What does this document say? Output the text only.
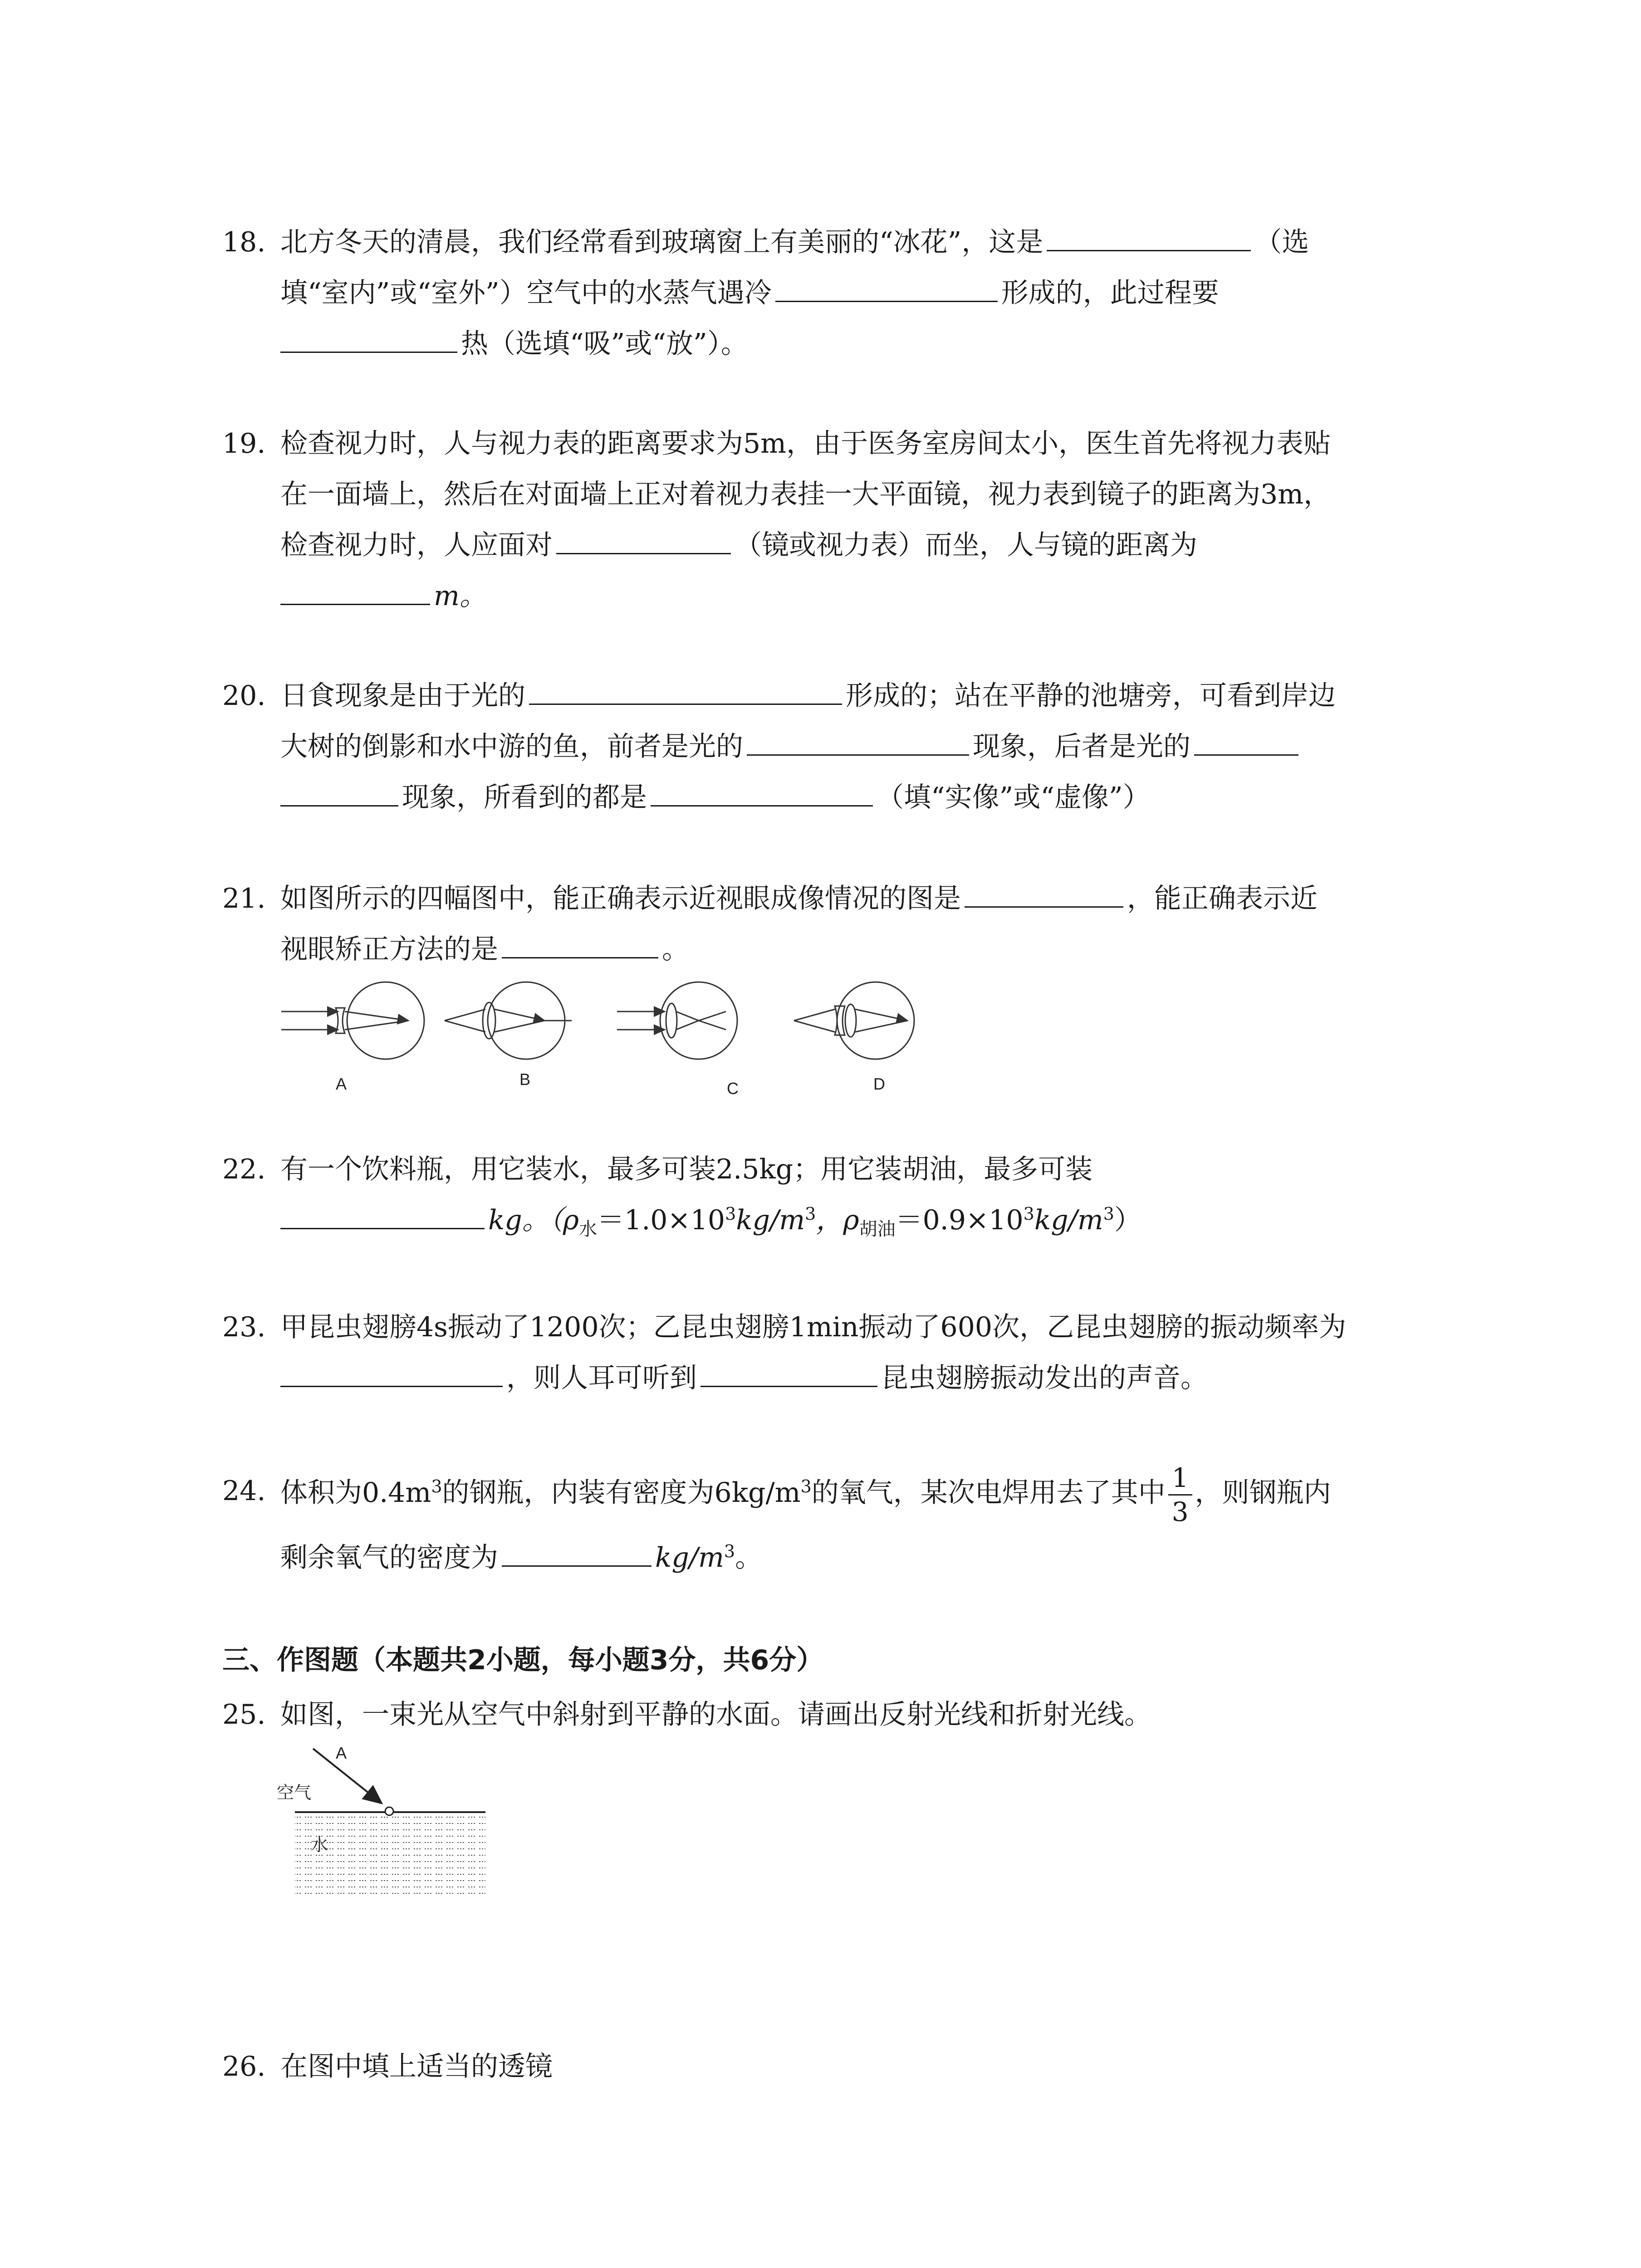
18. 北方冬天的清晨，我们经常看到玻璃窗上有美丽的“冰花”，这是	（选
填“室内”或“室外”）空气中的水蒸气遇冷	形成的，此过程要
热（选填“吸”或“放”）。
19. 检查视力时，人与视力表的距离要求为5m，由于医务室房间太小，医生首先将视力表贴
在一面墙上，然后在对面墙上正对着视力表挂一大平面镜，视力表到镜子的距离为3m，
检查视力时，人应面对	（镜或视力表）而坐，人与镜的距离为
m。
20. 日食现象是由于光的	形成的；站在平静的池塘旁，可看到岸边
大树的倒影和水中游的鱼，前者是光的	现象，后者是光的
现象，所看到的都是	（填“实像”或“虚像”）
21. 如图所示的四幅图中，能正确表示近视眼成像情况的图是	，能正确表示近
视眼矫正方法的是	。
A	B	C	D
22. 有一个饮料瓶，用它装水，最多可装2.5kg；用它装胡油，最多可装
kg。（$\rho_水=1.0\times 10^3kg/m^3$，$\rho_{胡油}=0.9\times 10^3kg/m^3$）
23. 甲昆虫翅膀4s振动了1200次；乙昆虫翅膀1min振动了600次，乙昆虫翅膀的振动频率为
，则人耳可听到	昆虫翅膀振动发出的声音。
24. 体积为$0.4m^3$的钢瓶，内装有密度为$6kg/m^3$的氧气，某次电焊用去了其中 $\frac{1}{3}$ ，则钢瓶内
剩余氧气的密度为	$kg/m^3$。
三、作图题（本题共2小题，每小题3分，共6分）
25. 如图，一束光从空气中斜射到平静的水面。请画出反射光线和折射光线。
A
空气
水
26. 在图中填上适当的透镜
